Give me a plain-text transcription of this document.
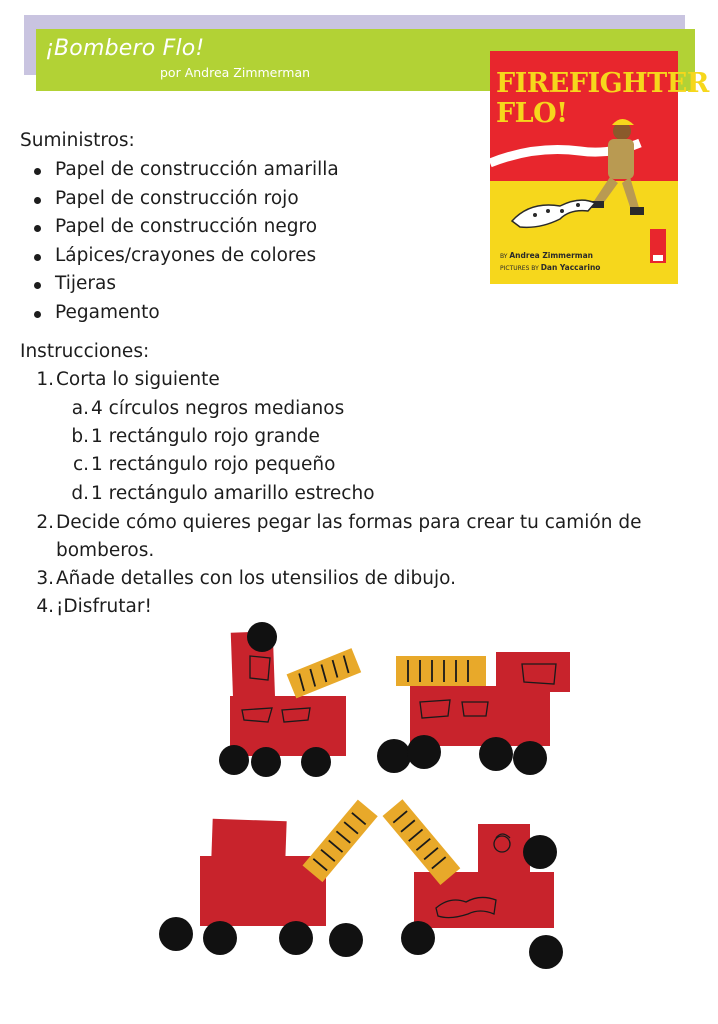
¡Bombero Flo!
por Andrea Zimmerman	FIREFIGHTER
FLO!
BY Andrea Zimmerman
PICTURES BY Dan Yaccarino
Suministros:
Papel de construcción amarilla
Papel de construcción rojo
Papel de construcción negro
Lápices/crayones de colores
Tijeras
Pegamento
Instrucciones:
1. Corta lo siguiente
a. 4 círculos negros medianos
b. 1 rectángulo rojo grande
c. 1 rectángulo rojo pequeño
d. 1 rectángulo amarillo estrecho
2. Decide cómo quieres pegar las formas para crear tu camión de
bomberos.
3. Añade detalles con los utensilios de dibujo.
4. ¡Disfrutar!
